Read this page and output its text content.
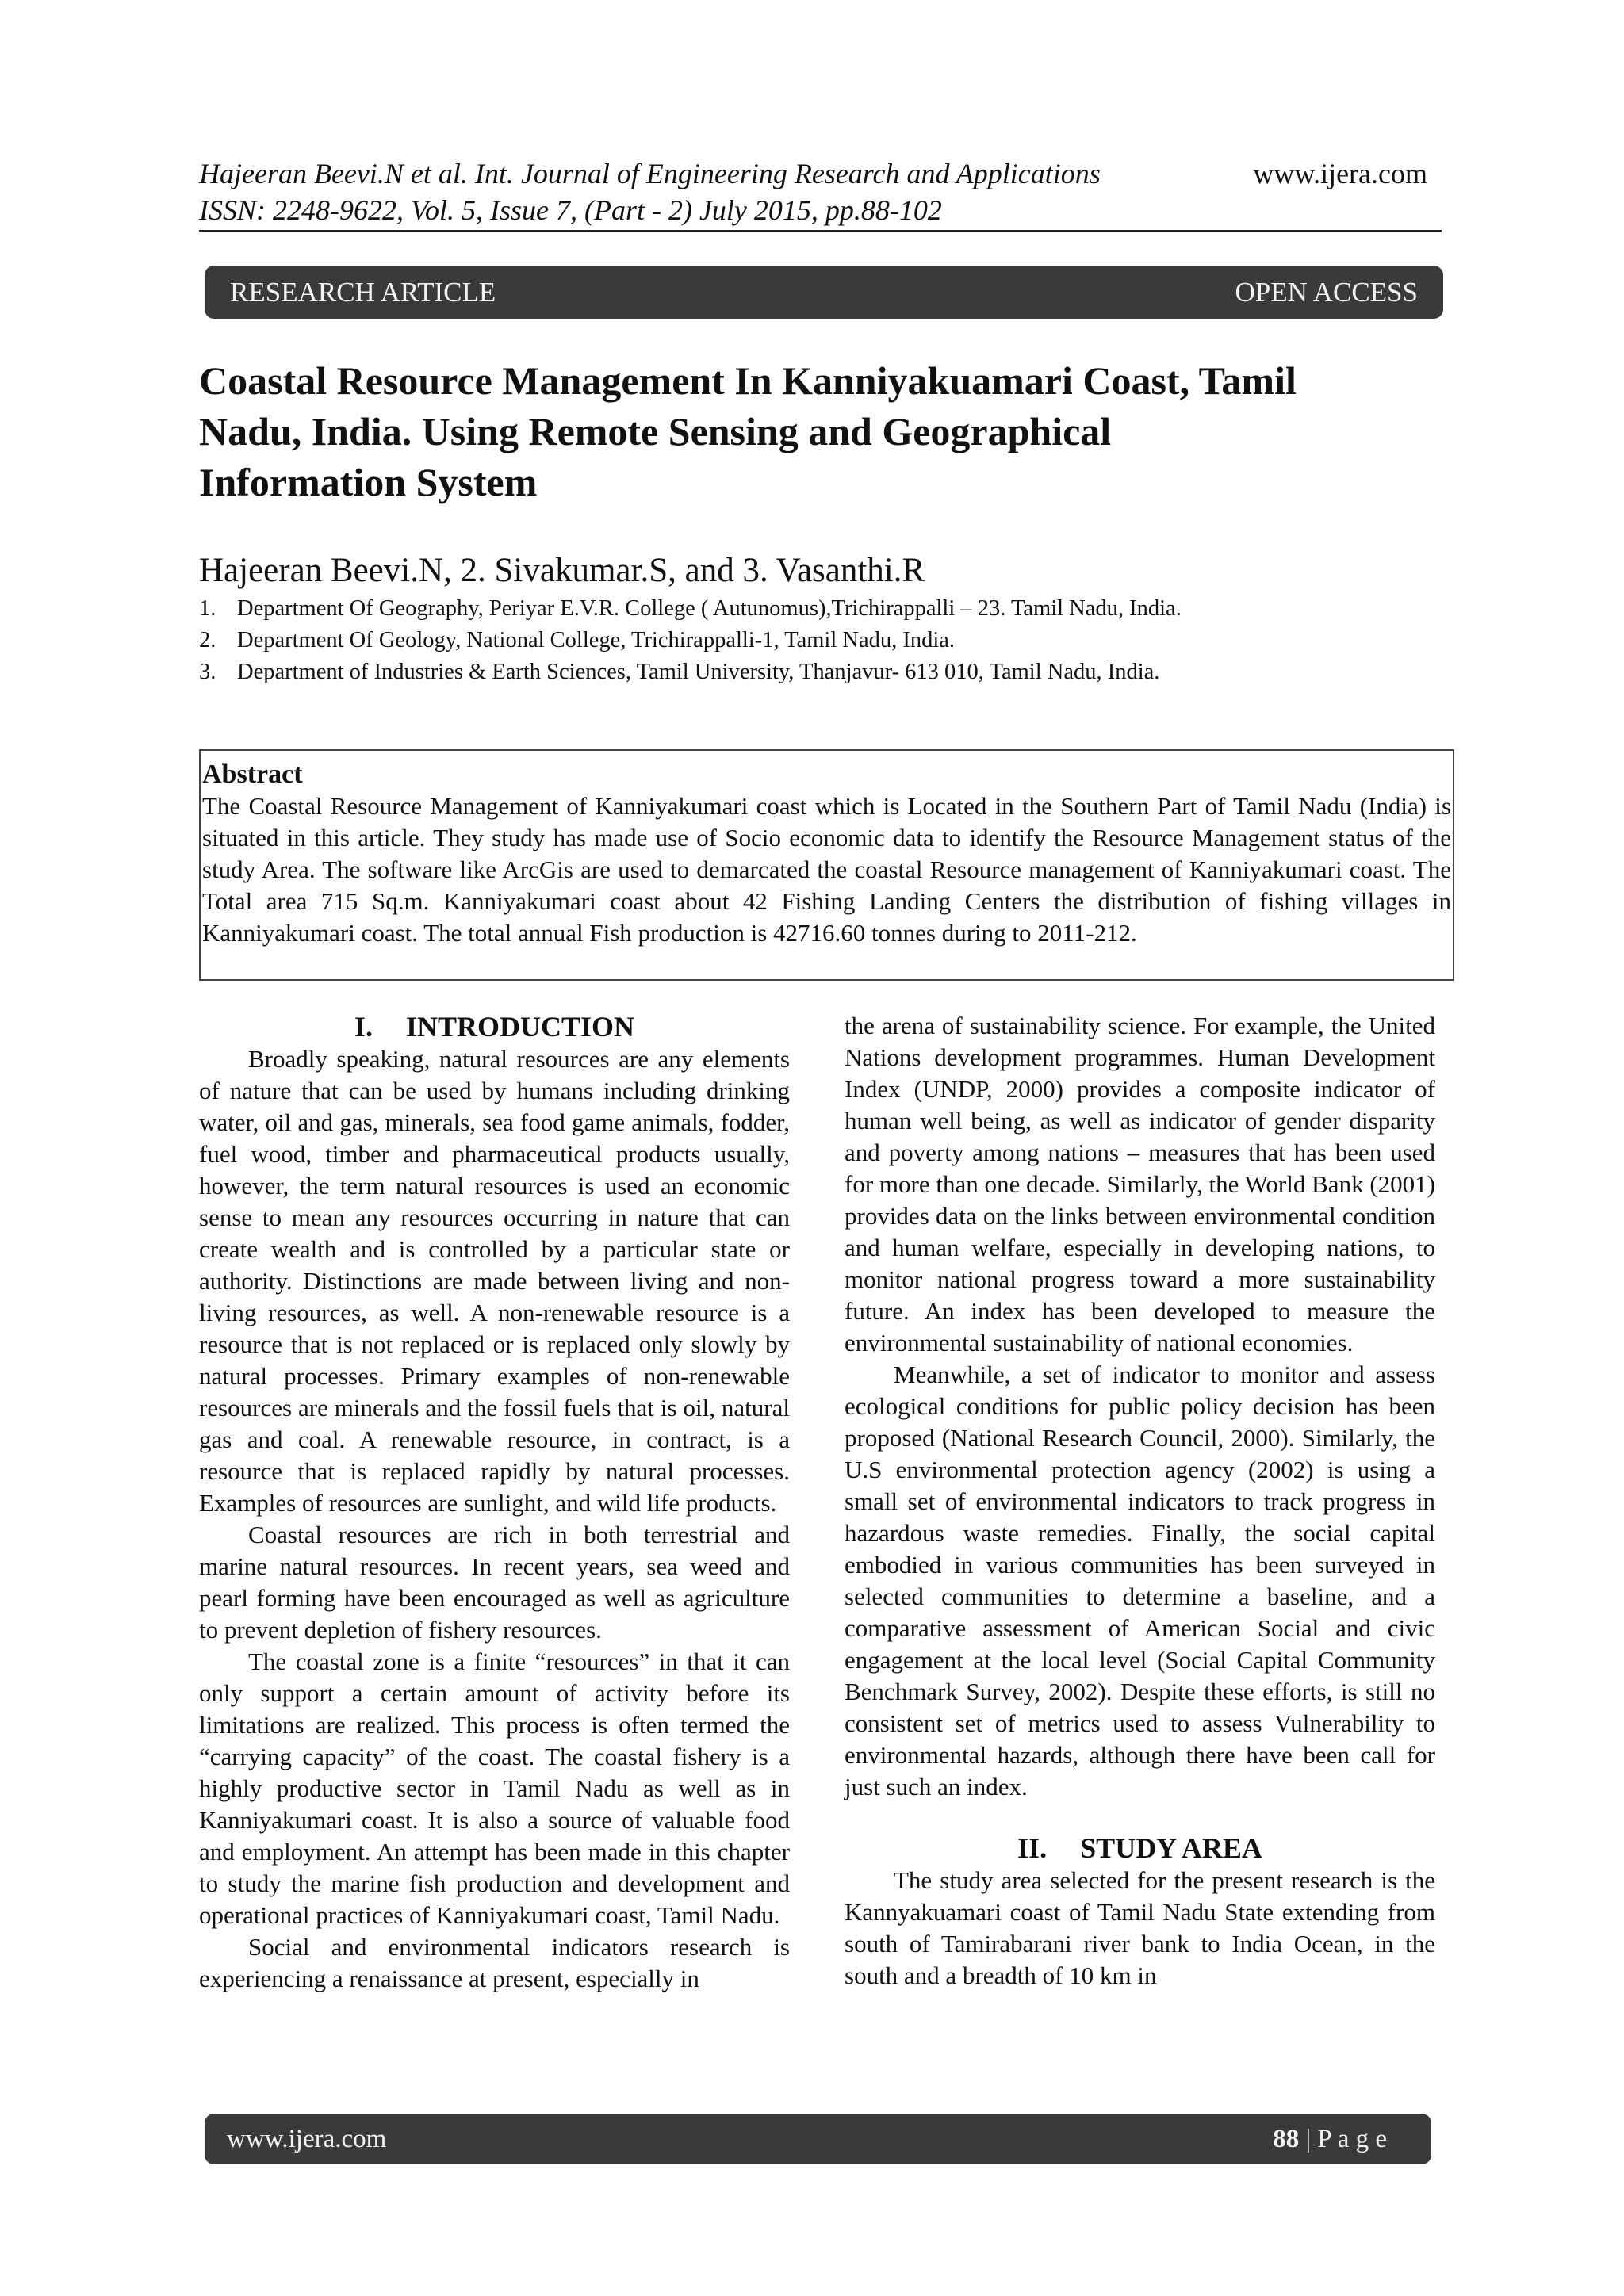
Hajeeran Beevi.N et al. Int. Journal of Engineering Research and Applications
ISSN: 2248-9622, Vol. 5, Issue 7, (Part - 2) July 2015, pp.88-102
www.ijera.com
RESEARCH ARTICLE	OPEN ACCESS
Coastal Resource Management In Kanniyakuamari Coast, Tamil
Nadu, India. Using Remote Sensing and Geographical
Information System
Hajeeran Beevi.N, 2. Sivakumar.S, and 3. Vasanthi.R
1. Department Of Geography, Periyar E.V.R. College ( Autunomus),Trichirappalli – 23. Tamil Nadu, India.
2. Department Of Geology, National College, Trichirappalli-1, Tamil Nadu, India.
3. Department of Industries & Earth Sciences, Tamil University, Thanjavur- 613 010, Tamil Nadu, India.
Abstract

The Coastal Resource Management of Kanniyakumari coast which is Located in the Southern Part of Tamil Nadu (India) is situated in this article. They study has made use of Socio economic data to identify the Resource Management status of the study Area. The software like ArcGis are used to demarcated the coastal Resource management of Kanniyakumari coast. The Total area 715 Sq.m. Kanniyakumari coast about 42 Fishing Landing Centers the distribution of fishing villages in Kanniyakumari coast. The total annual Fish production is 42716.60 tonnes during to 2011-212.

I. INTRODUCTION

Broadly speaking, natural resources are any elements of nature that can be used by humans including drinking water, oil and gas, minerals, sea food game animals, fodder, fuel wood, timber and pharmaceutical products usually, however, the term natural resources is used an economic sense to mean any resources occurring in nature that can create wealth and is controlled by a particular state or authority. Distinctions are made between living and non- living resources, as well. A non-renewable resource is a resource that is not replaced or is replaced only slowly by natural processes. Primary examples of non-renewable resources are minerals and the fossil fuels that is oil, natural gas and coal. A renewable resource, in contract, is a resource that is replaced rapidly by natural processes. Examples of resources are sunlight, and wild life products.

Coastal resources are rich in both terrestrial and marine natural resources. In recent years, sea weed and pearl forming have been encouraged as well as agriculture to prevent depletion of fishery resources.

The coastal zone is a finite “resources” in that it can only support a certain amount of activity before its limitations are realized. This process is often termed the “carrying capacity” of the coast. The coastal fishery is a highly productive sector in Tamil Nadu as well as in Kanniyakumari coast. It is also a source of valuable food and employment. An attempt has been made in this chapter to study the marine fish production and development and operational practices of Kanniyakumari coast, Tamil Nadu.

Social and environmental indicators research is experiencing a renaissance at present, especially in

the arena of sustainability science. For example, the United Nations development programmes. Human Development Index (UNDP, 2000) provides a composite indicator of human well being, as well as indicator of gender disparity and poverty among nations – measures that has been used for more than one decade. Similarly, the World Bank (2001) provides data on the links between environmental condition and human welfare, especially in developing nations, to monitor national progress toward a more sustainability future. An index has been developed to measure the environmental sustainability of national economies.

Meanwhile, a set of indicator to monitor and assess ecological conditions for public policy decision has been proposed (National Research Council, 2000). Similarly, the U.S environmental protection agency (2002) is using a small set of environmental indicators to track progress in hazardous waste remedies. Finally, the social capital embodied in various communities has been surveyed in selected communities to determine a baseline, and a comparative assessment of American Social and civic engagement at the local level (Social Capital Community Benchmark Survey, 2002). Despite these efforts, is still no consistent set of metrics used to assess Vulnerability to environmental hazards, although there have been call for just such an index.

II. STUDY AREA

The study area selected for the present research is the Kannyakuamari coast of Tamil Nadu State extending from south of Tamirabarani river bank to India Ocean, in the south and a breadth of 10 km in

www.ijera.com	88 | P a g e
